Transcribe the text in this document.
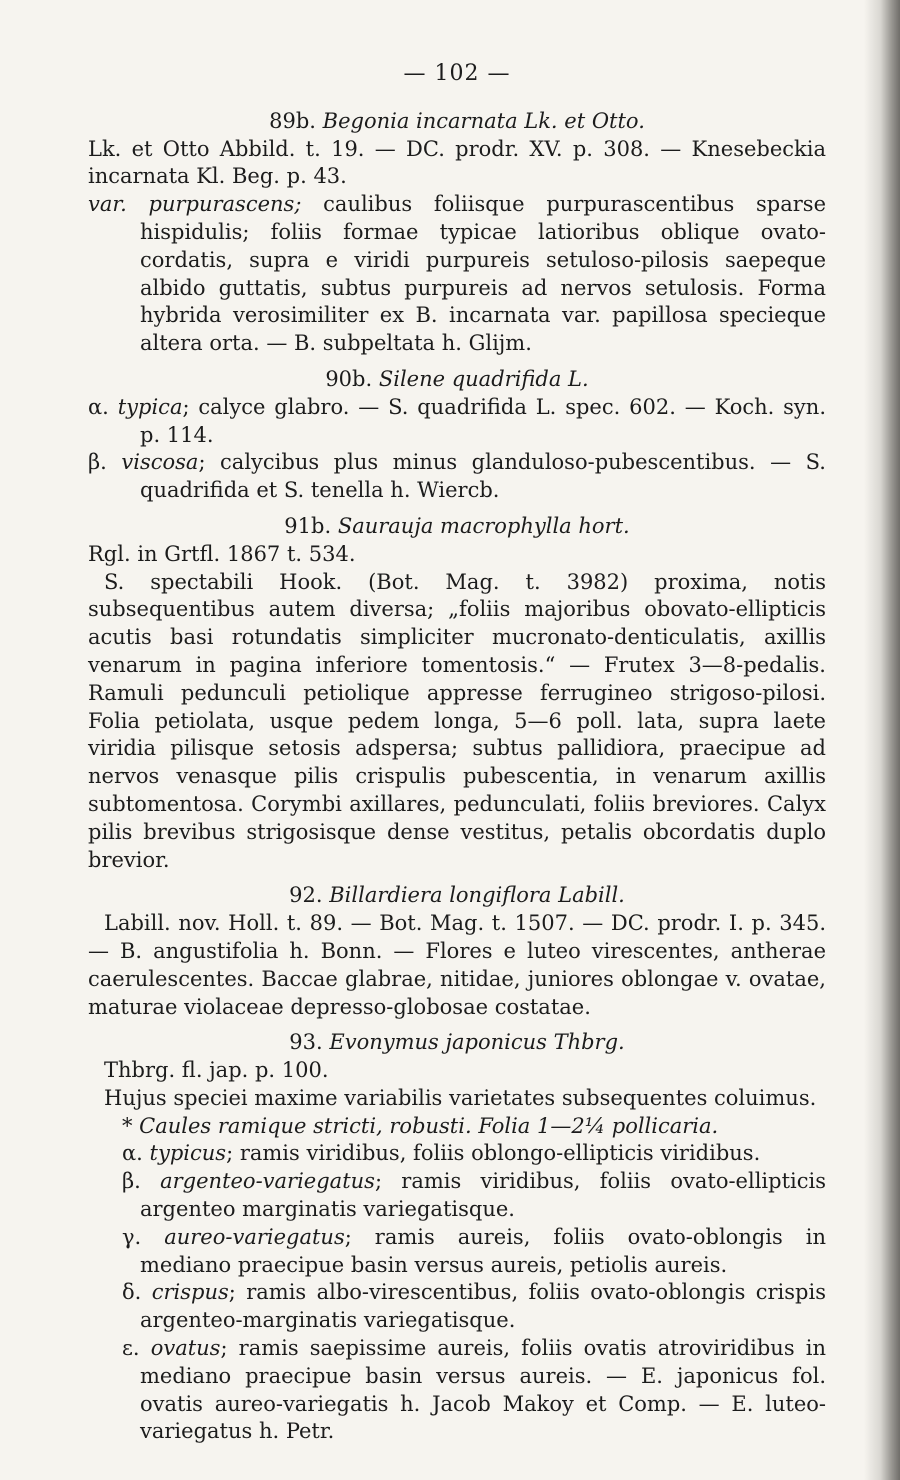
— 102 —
89b. Begonia incarnata Lk. et Otto.

Lk. et Otto Abbild. t. 19. — DC. prodr. XV. p. 308. — Knesebeckia incarnata Kl. Beg. p. 43.

var. purpurascens; caulibus foliisque purpurascentibus sparse hispidulis; foliis formae typicae latioribus oblique ovato-cordatis, supra e viridi purpureis setuloso-pilosis saepeque albido guttatis, subtus purpureis ad nervos setulosis. Forma hybrida verosimiliter ex B. incarnata var. papillosa specieque altera orta. — B. subpeltata h. Glijm.

90b. Silene quadrifida L.

α. typica; calyce glabro. — S. quadrifida L. spec. 602. — Koch. syn. p. 114.

β. viscosa; calycibus plus minus glanduloso-pubescentibus. — S. quadrifida et S. tenella h. Wiercb.

91b. Saurauja macrophylla hort.

Rgl. in Grtfl. 1867 t. 534.

S. spectabili Hook. (Bot. Mag. t. 3982) proxima, notis subsequentibus autem diversa; „foliis majoribus obovato-ellipticis acutis basi rotundatis simpliciter mucronato-denticulatis, axillis venarum in pagina inferiore tomentosis.“ — Frutex 3—8-pedalis. Ramuli pedunculi petiolique appresse ferrugineo strigoso-pilosi. Folia petiolata, usque pedem longa, 5—6 poll. lata, supra laete viridia pilisque setosis adspersa; subtus pallidiora, praecipue ad nervos venasque pilis crispulis pubescentia, in venarum axillis subtomentosa. Corymbi axillares, pedunculati, foliis breviores. Calyx pilis brevibus strigosisque dense vestitus, petalis obcordatis duplo brevior.

92. Billardiera longiflora Labill.

Labill. nov. Holl. t. 89. — Bot. Mag. t. 1507. — DC. prodr. I. p. 345. — B. angustifolia h. Bonn. — Flores e luteo virescentes, antherae caerulescentes. Baccae glabrae, nitidae, juniores oblongae v. ovatae, maturae violaceae depresso-globosae costatae.

93. Evonymus japonicus Thbrg.

Thbrg. fl. jap. p. 100.

Hujus speciei maxime variabilis varietates subsequentes coluimus.

* Caules ramique stricti, robusti. Folia 1—2¼ pollicaria.

α. typicus; ramis viridibus, foliis oblongo-ellipticis viridibus.

β. argenteo-variegatus; ramis viridibus, foliis ovato-ellipticis argenteo marginatis variegatisque.

γ. aureo-variegatus; ramis aureis, foliis ovato-oblongis in mediano praecipue basin versus aureis, petiolis aureis.

δ. crispus; ramis albo-virescentibus, foliis ovato-oblongis crispis argenteo-marginatis variegatisque.

ε. ovatus; ramis saepissime aureis, foliis ovatis atroviridibus in mediano praecipue basin versus aureis. — E. japonicus fol. ovatis aureo-variegatis h. Jacob Makoy et Comp. — E. luteo-variegatus h. Petr.
